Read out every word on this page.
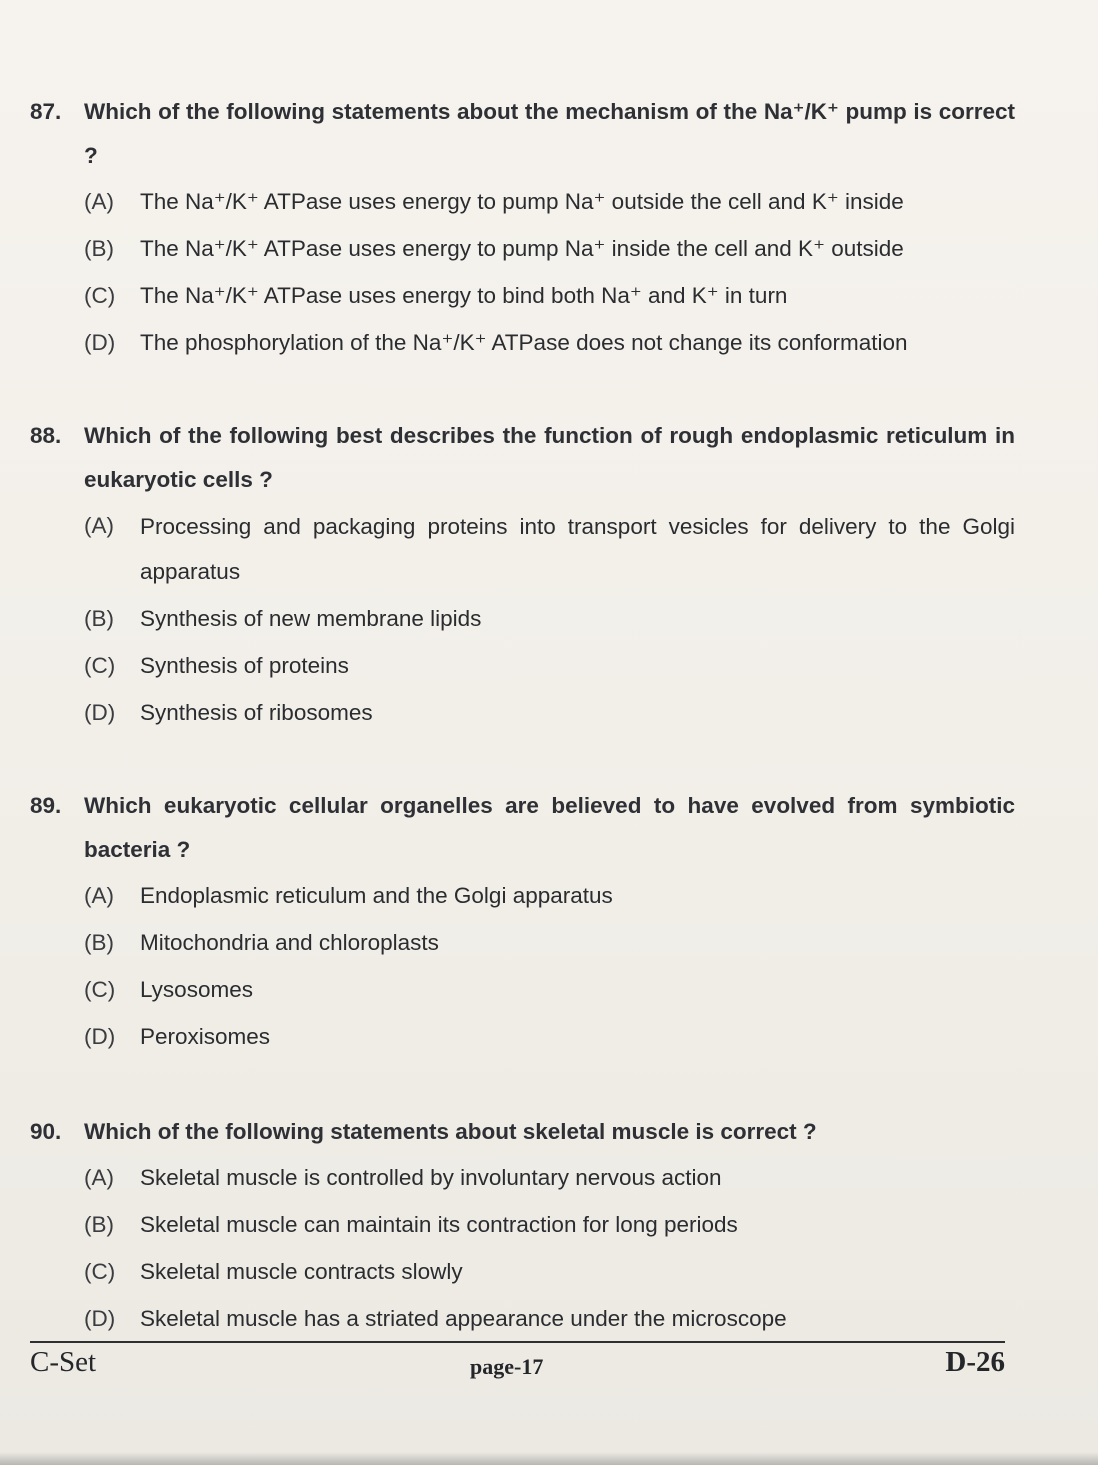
87.	Which of the following statements about the mechanism of the Na⁺/K⁺ pump is correct ?
(A)	The Na⁺/K⁺ ATPase uses energy to pump Na⁺ outside the cell and K⁺ inside
(B)	The Na⁺/K⁺ ATPase uses energy to pump Na⁺ inside the cell and K⁺ outside
(C)	The Na⁺/K⁺ ATPase uses energy to bind both Na⁺ and K⁺ in turn
(D)	The phosphorylation of the Na⁺/K⁺ ATPase does not change its conformation
88.	Which of the following best describes the function of rough endoplasmic reticulum in eukaryotic cells ?
(A)	Processing and packaging proteins into transport vesicles for delivery to the Golgi apparatus
(B)	Synthesis of new membrane lipids
(C)	Synthesis of proteins
(D)	Synthesis of ribosomes
89.	Which eukaryotic cellular organelles are believed to have evolved from symbiotic bacteria ?
(A)	Endoplasmic reticulum and the Golgi apparatus
(B)	Mitochondria and chloroplasts
(C)	Lysosomes
(D)	Peroxisomes
90.	Which of the following statements about skeletal muscle is correct ?
(A)	Skeletal muscle is controlled by involuntary nervous action
(B)	Skeletal muscle can maintain its contraction for long periods
(C)	Skeletal muscle contracts slowly
(D)	Skeletal muscle has a striated appearance under the microscope
C-Set	page-17	D-26
